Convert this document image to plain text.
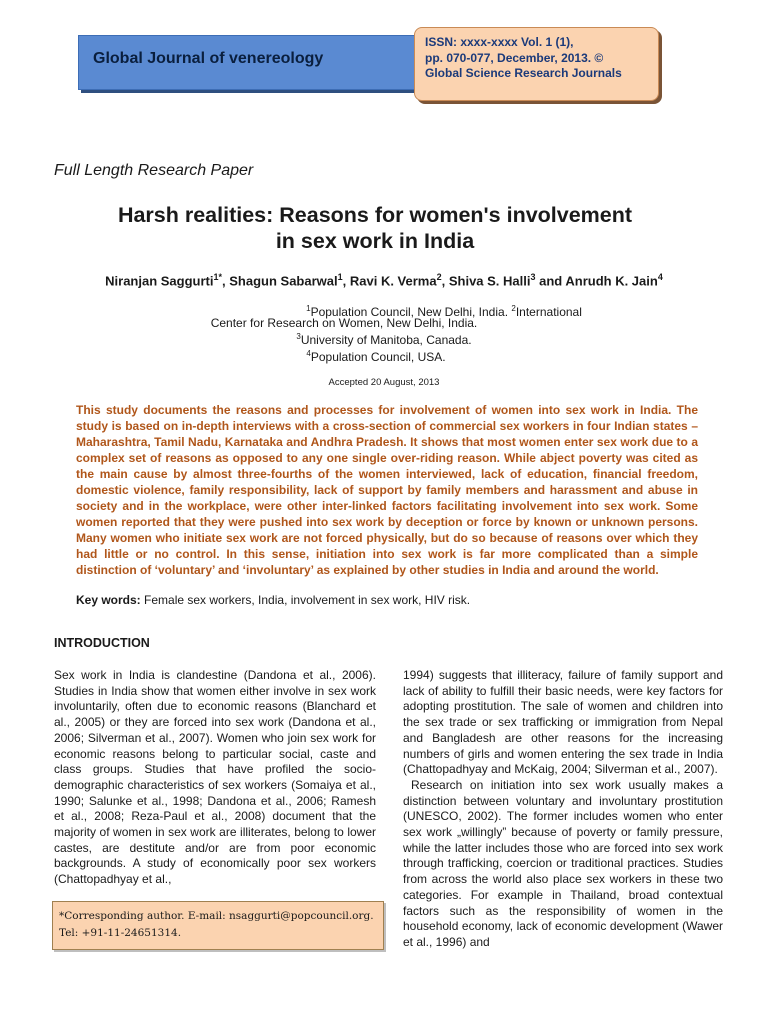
Global Journal of venereology
ISSN: xxxx-xxxx Vol. 1 (1),
pp. 070-077, December, 2013. ©
Global Science Research Journals
Full Length Research Paper
Harsh realities: Reasons for women's involvement
in sex work in India
Niranjan Saggurti$^{1*}$, Shagun Sabarwal$^1$, Ravi K. Verma$^2$, Shiva S. Halli$^3$ and Anrudh K. Jain$^4$
$^1$Population Council, New Delhi, India. $^2$International
Center for Research on Women, New Delhi, India.
$^3$University of Manitoba, Canada.
$^4$Population Council, USA.
Accepted 20 August, 2013
This study documents the reasons and processes for involvement of women into sex work in India. The study is based on in-depth interviews with a cross-section of commercial sex workers in four Indian states – Maharashtra, Tamil Nadu, Karnataka and Andhra Pradesh. It shows that most women enter sex work due to a complex set of reasons as opposed to any one single over-riding reason. While abject poverty was cited as the main cause by almost three-fourths of the women interviewed, lack of education, financial freedom, domestic violence, family responsibility, lack of support by family members and harassment and abuse in society and in the workplace, were other inter-linked factors facilitating involvement into sex work. Some women reported that they were pushed into sex work by deception or force by known or unknown persons. Many women who initiate sex work are not forced physically, but do so because of reasons over which they had little or no control. In this sense, initiation into sex work is far more complicated than a simple distinction of ‘voluntary’ and ‘involuntary’ as explained by other studies in India and around the world.
Key words: Female sex workers, India, involvement in sex work, HIV risk.
INTRODUCTION

Sex work in India is clandestine (Dandona et al., 2006). Studies in India show that women either involve in sex work involuntarily, often due to economic reasons (Blanchard et al., 2005) or they are forced into sex work (Dandona et al., 2006; Silverman et al., 2007). Women who join sex work for economic reasons belong to particular social, caste and class groups. Studies that have profiled the socio-demographic characteristics of sex workers (Somaiya et al., 1990; Salunke et al., 1998; Dandona et al., 2006; Ramesh et al., 2008; Reza-Paul et al., 2008) document that the majority of women in sex work are illiterates, belong to lower castes, are destitute and/or are from poor economic backgrounds. A study of economically poor sex workers (Chattopadhyay et al.,

1994) suggests that illiteracy, failure of family support and lack of ability to fulfill their basic needs, were key factors for adopting prostitution. The sale of women and children into the sex trade or sex trafficking or immigration from Nepal and Bangladesh are other reasons for the increasing numbers of girls and women entering the sex trade in India (Chattopadhyay and McKaig, 2004; Silverman et al., 2007).

Research on initiation into sex work usually makes a distinction between voluntary and involuntary prostitution (UNESCO, 2002). The former includes women who enter sex work „willingly” because of poverty or family pressure, while the latter includes those who are forced into sex work through trafficking, coercion or traditional practices. Studies from across the world also place sex workers in these two categories. For example in Thailand, broad contextual factors such as the responsibility of women in the household economy, lack of economic development (Wawer et al., 1996) and

*Corresponding author. E-mail: nsaggurti@popcouncil.org. Tel: +91-11-24651314.
